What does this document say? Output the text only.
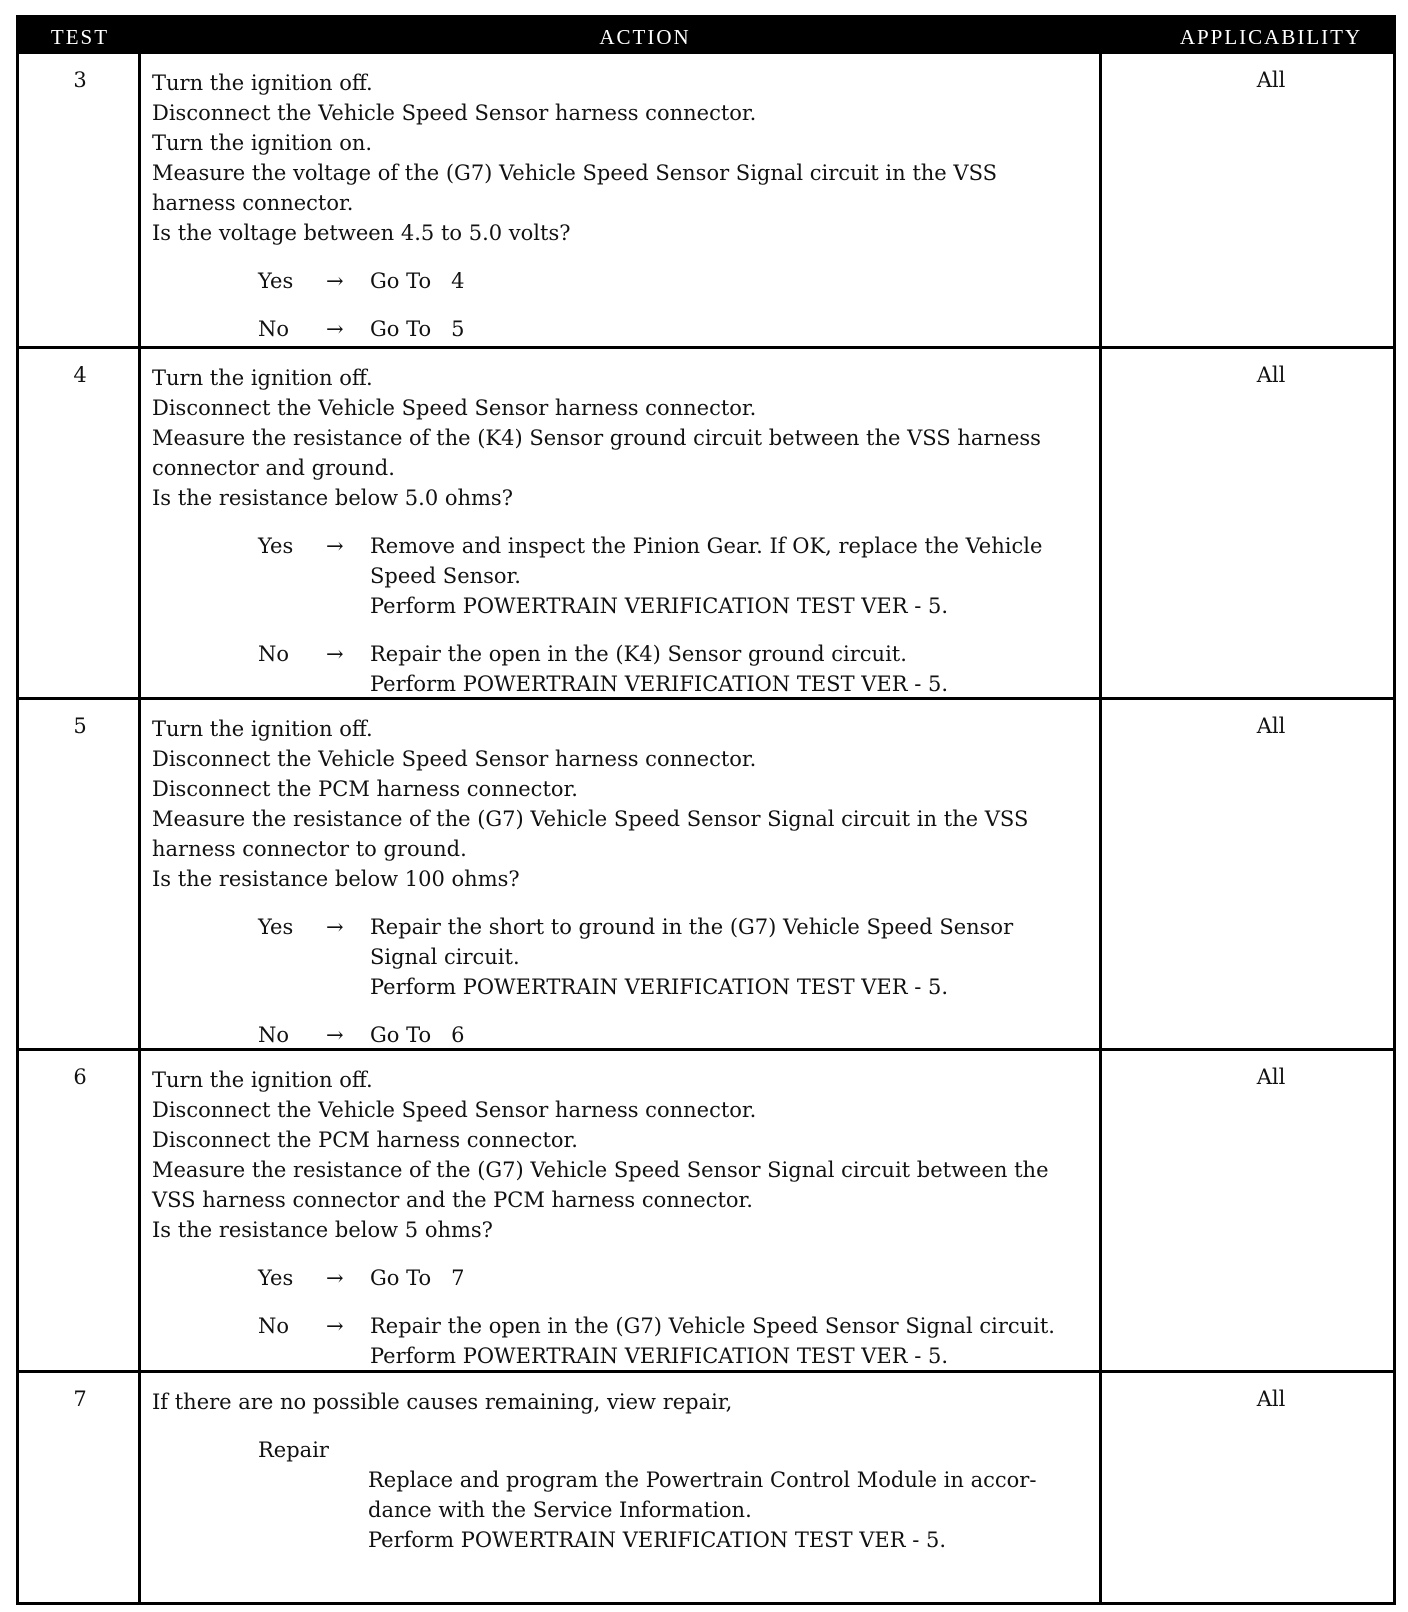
TEST	ACTION	APPLICABILITY
3	Turn the ignition off.
Disconnect the Vehicle Speed Sensor harness connector.
Turn the ignition on.
Measure the voltage of the (G7) Vehicle Speed Sensor Signal circuit in the VSS
harness connector.
Is the voltage between 4.5 to 5.0 volts?
Yes → Go To   4
No → Go To   5
All
4	Turn the ignition off.
Disconnect the Vehicle Speed Sensor harness connector.
Measure the resistance of the (K4) Sensor ground circuit between the VSS harness
connector and ground.
Is the resistance below 5.0 ohms?
Yes → Remove and inspect the Pinion Gear. If OK, replace the Vehicle
Speed Sensor.
Perform POWERTRAIN VERIFICATION TEST VER - 5.
No → Repair the open in the (K4) Sensor ground circuit.
Perform POWERTRAIN VERIFICATION TEST VER - 5.
All
5	Turn the ignition off.
Disconnect the Vehicle Speed Sensor harness connector.
Disconnect the PCM harness connector.
Measure the resistance of the (G7) Vehicle Speed Sensor Signal circuit in the VSS
harness connector to ground.
Is the resistance below 100 ohms?
Yes → Repair the short to ground in the (G7) Vehicle Speed Sensor
Signal circuit.
Perform POWERTRAIN VERIFICATION TEST VER - 5.
No → Go To   6
All
6	Turn the ignition off.
Disconnect the Vehicle Speed Sensor harness connector.
Disconnect the PCM harness connector.
Measure the resistance of the (G7) Vehicle Speed Sensor Signal circuit between the
VSS harness connector and the PCM harness connector.
Is the resistance below 5 ohms?
Yes → Go To   7
No → Repair the open in the (G7) Vehicle Speed Sensor Signal circuit.
Perform POWERTRAIN VERIFICATION TEST VER - 5.
All
7	If there are no possible causes remaining, view repair,
Repair
Replace and program the Powertrain Control Module in accor-
dance with the Service Information.
Perform POWERTRAIN VERIFICATION TEST VER - 5.
All
